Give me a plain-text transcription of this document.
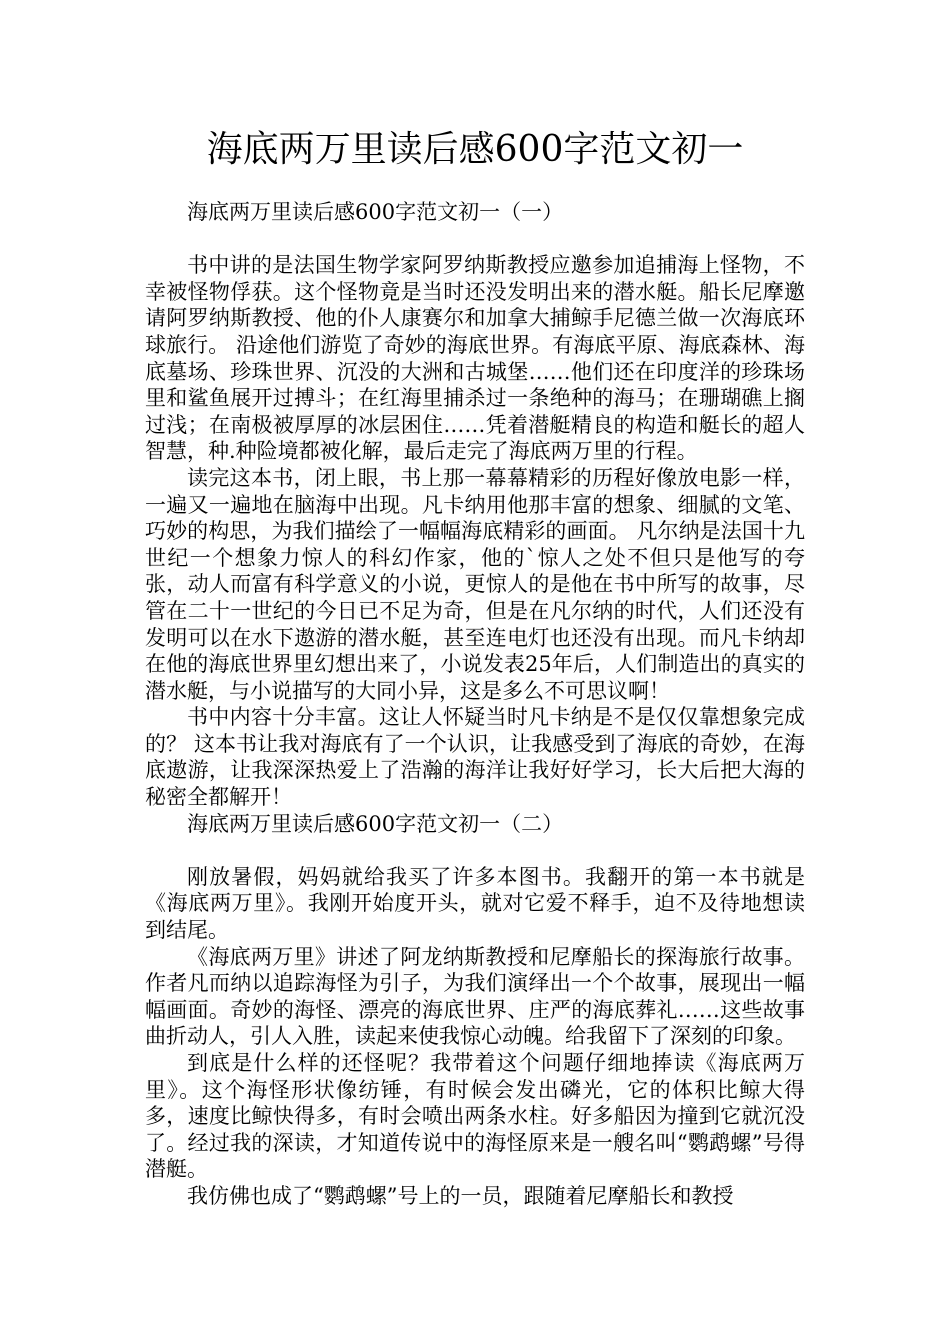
海底两万里读后感600字范文初一

海底两万里读后感600字范文初一（一）

书中讲的是法国生物学家阿罗纳斯教授应邀参加追捕海上怪物，不幸被怪物俘获。这个怪物竟是当时还没发明出来的潜水艇。船长尼摩邀请阿罗纳斯教授、他的仆人康赛尔和加拿大捕鲸手尼德兰做一次海底环球旅行。 沿途他们游览了奇妙的海底世界。有海底平原、海底森林、海底墓场、珍珠世界、沉没的大洲和古城堡……他们还在印度洋的珍珠场里和鲨鱼展开过搏斗；在红海里捕杀过一条绝种的海马；在珊瑚礁上搁过浅；在南极被厚厚的冰层困住……凭着潜艇精良的构造和艇长的超人智慧，种.种险境都被化解，最后走完了海底两万里的行程。

读完这本书，闭上眼，书上那一幕幕精彩的历程好像放电影一样，一遍又一遍地在脑海中出现。凡卡纳用他那丰富的想象、细腻的文笔、巧妙的构思，为我们描绘了一幅幅海底精彩的画面。 凡尔纳是法国十九世纪一个想象力惊人的科幻作家，他的`惊人之处不但只是他写的夸张，动人而富有科学意义的小说，更惊人的是他在书中所写的故事，尽管在二十一世纪的今日已不足为奇，但是在凡尔纳的时代，人们还没有发明可以在水下遨游的潜水艇，甚至连电灯也还没有出现。而凡卡纳却在他的海底世界里幻想出来了，小说发表25年后，人们制造出的真实的潜水艇，与小说描写的大同小异，这是多么不可思议啊！

书中内容十分丰富。这让人怀疑当时凡卡纳是不是仅仅靠想象完成的？ 这本书让我对海底有了一个认识，让我感受到了海底的奇妙，在海底遨游，让我深深热爱上了浩瀚的海洋让我好好学习，长大后把大海的秘密全都解开！

海底两万里读后感600字范文初一（二）

刚放暑假，妈妈就给我买了许多本图书。我翻开的第一本书就是《海底两万里》。我刚开始度开头，就对它爱不释手，迫不及待地想读到结尾。

《海底两万里》讲述了阿龙纳斯教授和尼摩船长的探海旅行故事。作者凡而纳以追踪海怪为引子，为我们演绎出一个个故事，展现出一幅幅画面。奇妙的海怪、漂亮的海底世界、庄严的海底葬礼……这些故事曲折动人，引人入胜，读起来使我惊心动魄。给我留下了深刻的印象。

到底是什么样的还怪呢？我带着这个问题仔细地捧读《海底两万里》。这个海怪形状像纺锤，有时候会发出磷光，它的体积比鲸大得多，速度比鲸快得多，有时会喷出两条水柱。好多船因为撞到它就沉没了。经过我的深读，才知道传说中的海怪原来是一艘名叫“鹦鹉螺”号得潜艇。

我仿佛也成了“鹦鹉螺”号上的一员，跟随着尼摩船长和教授
